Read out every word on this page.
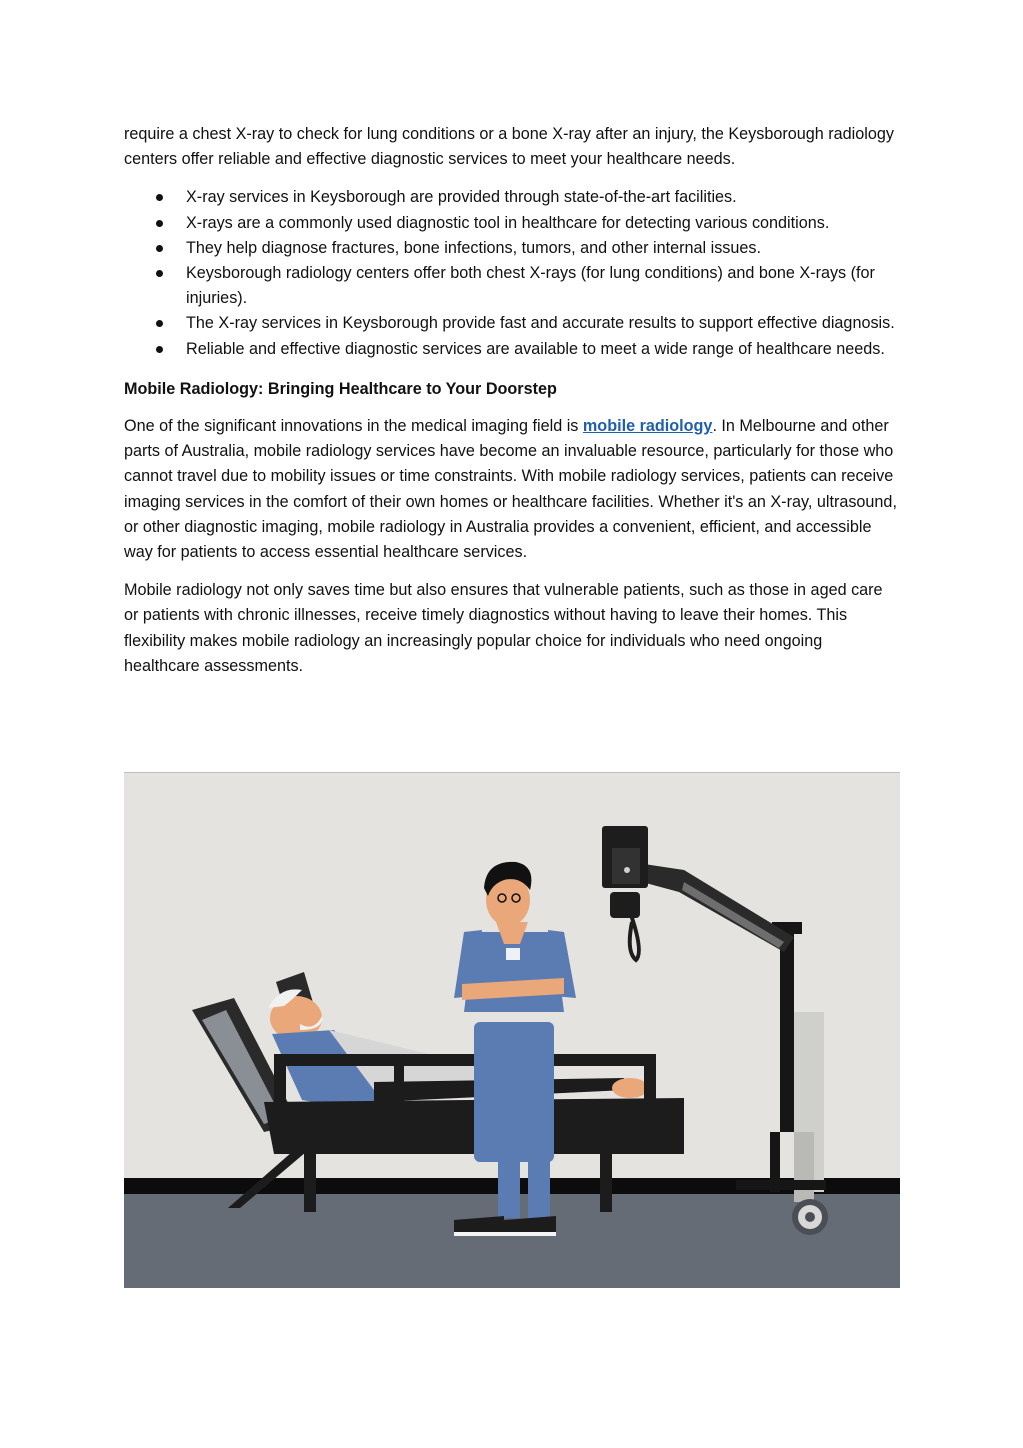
require a chest X-ray to check for lung conditions or a bone X-ray after an injury, the Keysborough radiology centers offer reliable and effective diagnostic services to meet your healthcare needs.

X-ray services in Keysborough are provided through state-of-the-art facilities.
X-rays are a commonly used diagnostic tool in healthcare for detecting various conditions.
They help diagnose fractures, bone infections, tumors, and other internal issues.
Keysborough radiology centers offer both chest X-rays (for lung conditions) and bone X-rays (for injuries).
The X-ray services in Keysborough provide fast and accurate results to support effective diagnosis.
Reliable and effective diagnostic services are available to meet a wide range of healthcare needs.
Mobile Radiology: Bringing Healthcare to Your Doorstep

One of the significant innovations in the medical imaging field is mobile radiology. In Melbourne and other parts of Australia, mobile radiology services have become an invaluable resource, particularly for those who cannot travel due to mobility issues or time constraints. With mobile radiology services, patients can receive imaging services in the comfort of their own homes or healthcare facilities. Whether it's an X-ray, ultrasound, or other diagnostic imaging, mobile radiology in Australia provides a convenient, efficient, and accessible way for patients to access essential healthcare services.

Mobile radiology not only saves time but also ensures that vulnerable patients, such as those in aged care or patients with chronic illnesses, receive timely diagnostics without having to leave their homes. This flexibility makes mobile radiology an increasingly popular choice for individuals who need ongoing healthcare assessments.
